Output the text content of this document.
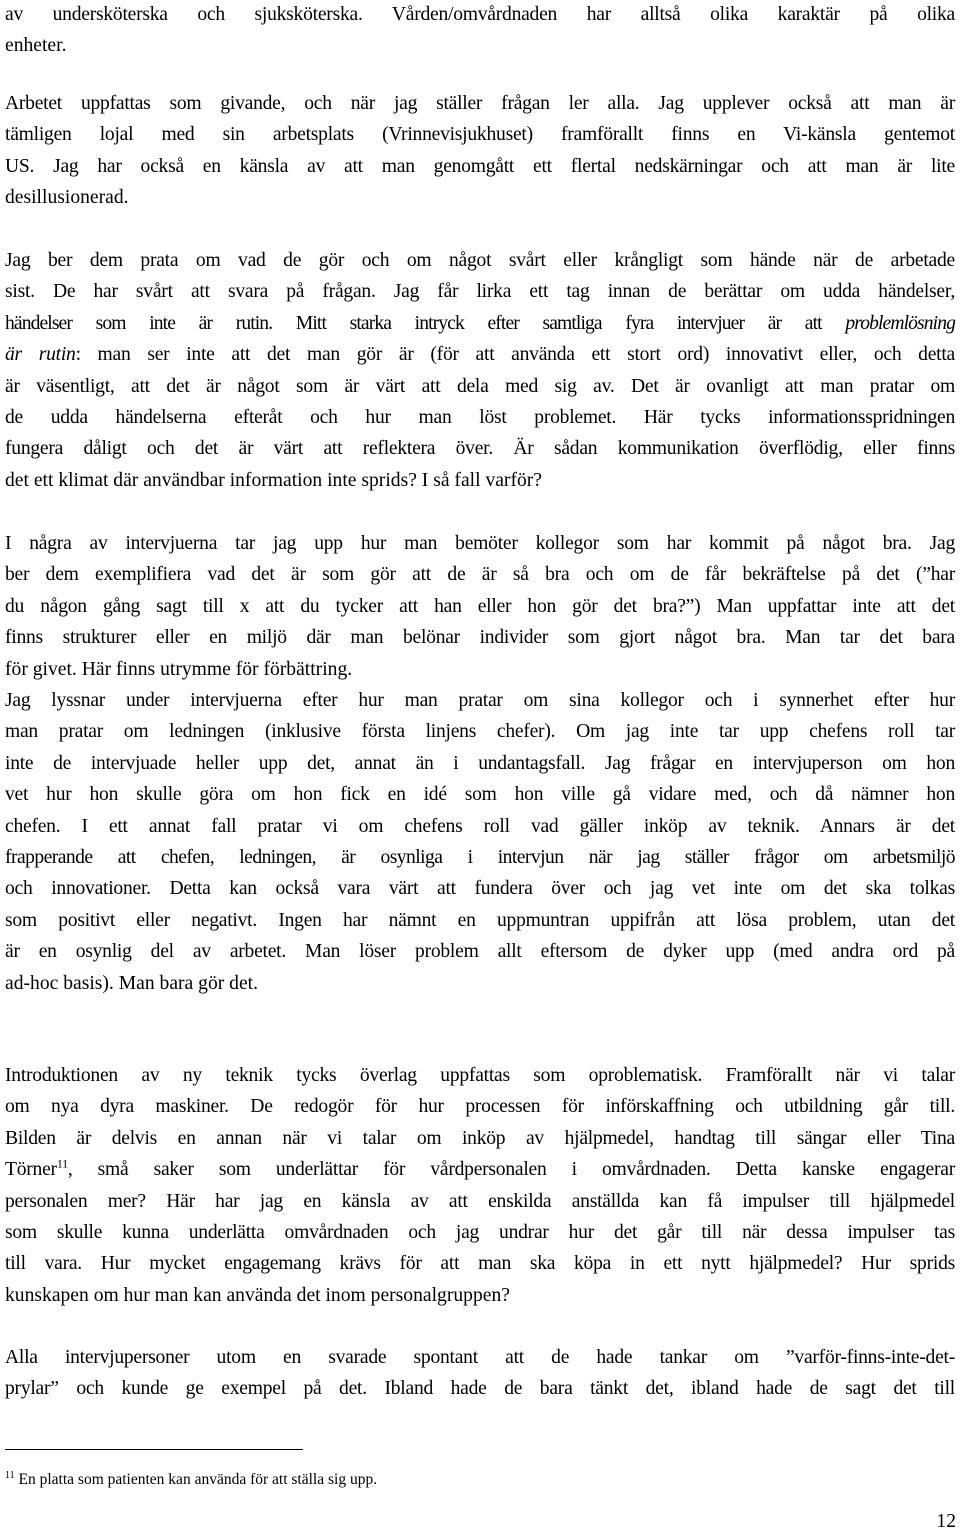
av undersköterska och sjuksköterska. Vården/omvårdnaden har alltså olika karaktär på olika
enheter.
Arbetet uppfattas som givande, och när jag ställer frågan ler alla. Jag upplever också att man är
tämligen lojal med sin arbetsplats (Vrinnevisjukhuset) framförallt finns en Vi-känsla gentemot
US. Jag har också en känsla av att man genomgått ett flertal nedskärningar och att man är lite
desillusionerad.
Jag ber dem prata om vad de gör och om något svårt eller krångligt som hände när de arbetade
sist. De har svårt att svara på frågan. Jag får lirka ett tag innan de berättar om udda händelser,
händelser som inte är rutin. Mitt starka intryck efter samtliga fyra intervjuer är att problemlösning
är rutin: man ser inte att det man gör är (för att använda ett stort ord) innovativt eller, och detta
är väsentligt, att det är något som är värt att dela med sig av. Det är ovanligt att man pratar om
de udda händelserna efteråt och hur man löst problemet. Här tycks informationsspridningen
fungera dåligt och det är värt att reflektera över. Är sådan kommunikation överflödig, eller finns
det ett klimat där användbar information inte sprids? I så fall varför?
I några av intervjuerna tar jag upp hur man bemöter kollegor som har kommit på något bra. Jag
ber dem exemplifiera vad det är som gör att de är så bra och om de får bekräftelse på det (”har
du någon gång sagt till x att du tycker att han eller hon gör det bra?”) Man uppfattar inte att det
finns strukturer eller en miljö där man belönar individer som gjort något bra. Man tar det bara
för givet. Här finns utrymme för förbättring.
Jag lyssnar under intervjuerna efter hur man pratar om sina kollegor och i synnerhet efter hur
man pratar om ledningen (inklusive första linjens chefer). Om jag inte tar upp chefens roll tar
inte de intervjuade heller upp det, annat än i undantagsfall. Jag frågar en intervjuperson om hon
vet hur hon skulle göra om hon fick en idé som hon ville gå vidare med, och då nämner hon
chefen. I ett annat fall pratar vi om chefens roll vad gäller inköp av teknik. Annars är det
frapperande att chefen, ledningen, är osynliga i intervjun när jag ställer frågor om arbetsmiljö
och innovationer. Detta kan också vara värt att fundera över och jag vet inte om det ska tolkas
som positivt eller negativt. Ingen har nämnt en uppmuntran uppifrån att lösa problem, utan det
är en osynlig del av arbetet. Man löser problem allt eftersom de dyker upp (med andra ord på
ad-hoc basis). Man bara gör det.
Introduktionen av ny teknik tycks överlag uppfattas som oproblematisk. Framförallt när vi talar
om nya dyra maskiner. De redogör för hur processen för införskaffning och utbildning går till.
Bilden är delvis en annan när vi talar om inköp av hjälpmedel, handtag till sängar eller Tina
Törner$^{11}$, små saker som underlättar för vårdpersonalen i omvårdnaden. Detta kanske engagerar
personalen mer? Här har jag en känsla av att enskilda anställda kan få impulser till hjälpmedel
som skulle kunna underlätta omvårdnaden och jag undrar hur det går till när dessa impulser tas
till vara. Hur mycket engagemang krävs för att man ska köpa in ett nytt hjälpmedel? Hur sprids
kunskapen om hur man kan använda det inom personalgruppen?
Alla intervjupersoner utom en svarade spontant att de hade tankar om ”varför-finns-inte-det-
prylar” och kunde ge exempel på det. Ibland hade de bara tänkt det, ibland hade de sagt det till
$^{11}$ En platta som patienten kan använda för att ställa sig upp.
12
